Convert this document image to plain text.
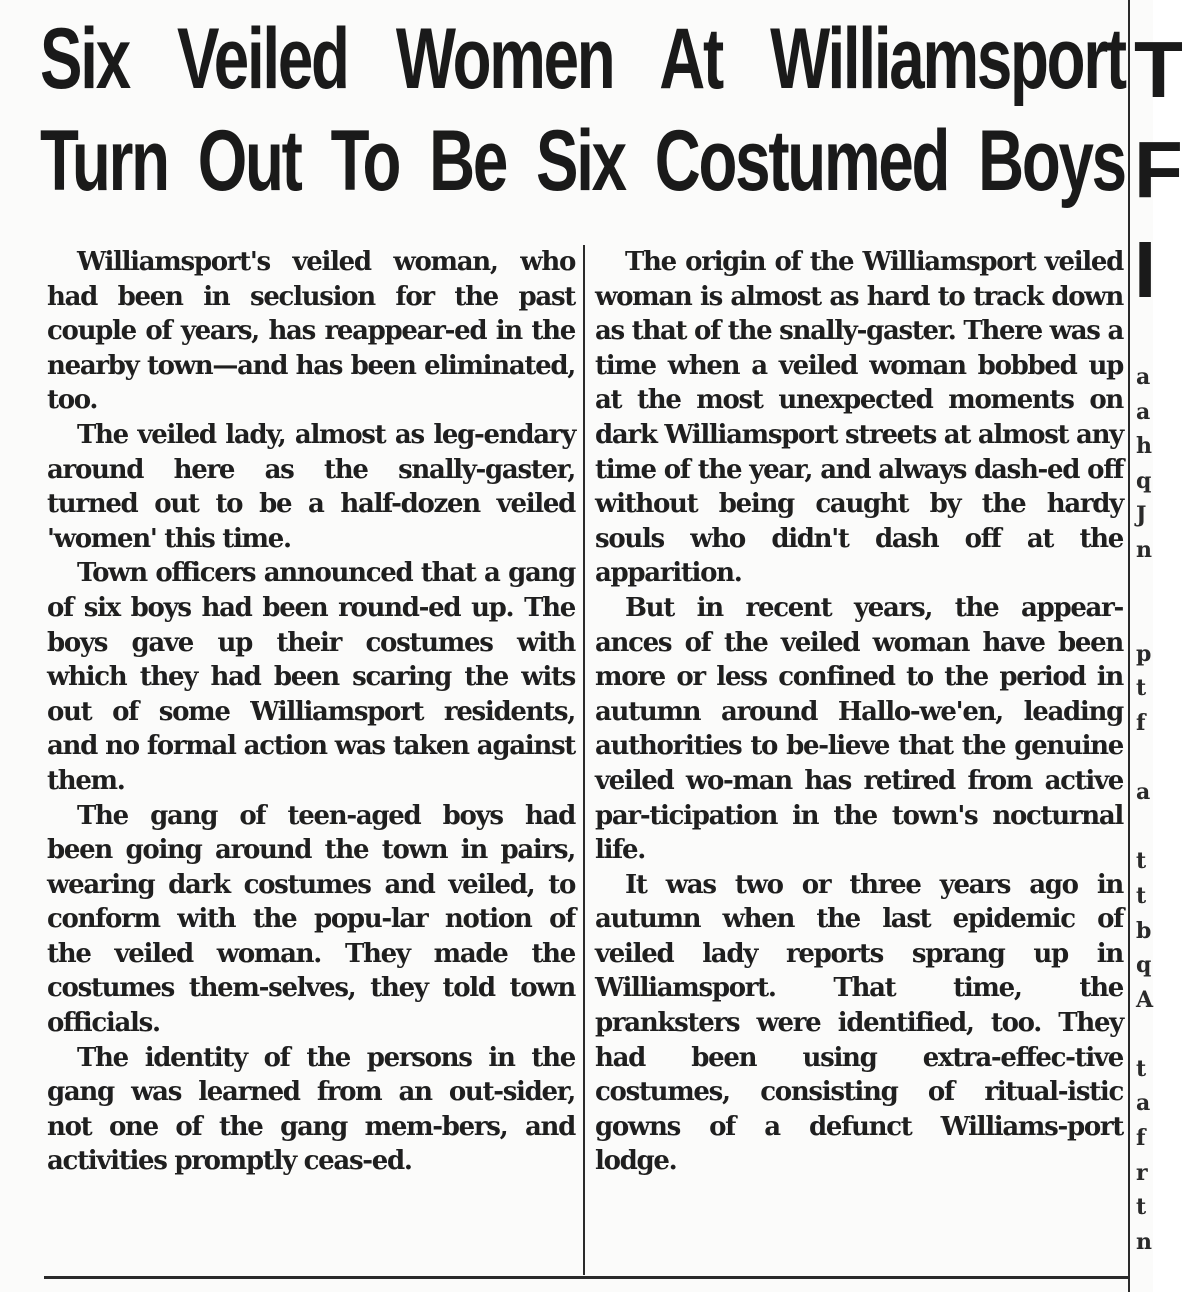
Six Veiled Women At Williamsport
Turn Out To Be Six Costumed Boys

Williamsport's veiled woman, who had been in seclusion for the past couple of years, has reappear-ed in the nearby town—and has been eliminated, too.

The veiled lady, almost as leg-endary around here as the snally-gaster, turned out to be a half-dozen veiled 'women' this time.

Town officers announced that a gang of six boys had been round-ed up. The boys gave up their costumes with which they had been scaring the wits out of some Williamsport residents, and no formal action was taken against them.

The gang of teen-aged boys had been going around the town in pairs, wearing dark costumes and veiled, to conform with the popu-lar notion of the veiled woman. They made the costumes them-selves, they told town officials.

The identity of the persons in the gang was learned from an out-sider, not one of the gang mem-bers, and activities promptly ceas-ed.

The origin of the Williamsport veiled woman is almost as hard to track down as that of the snally-gaster. There was a time when a veiled woman bobbed up at the most unexpected moments on dark Williamsport streets at almost any time of the year, and always dash-ed off without being caught by the hardy souls who didn't dash off at the apparition.

But in recent years, the appear-ances of the veiled woman have been more or less confined to the period in autumn around Hallo-we'en, leading authorities to be-lieve that the genuine veiled wo-man has retired from active par-ticipation in the town's nocturnal life.

It was two or three years ago in autumn when the last epidemic of veiled lady reports sprang up in Williamsport. That time, the pranksters were identified, too. They had been using extra-effec-tive costumes, consisting of ritual-istic gowns of a defunct Williams-port lodge.

T
F
I
a
a
h
q
J
n

p
t
f

a

t
t
b
q
A

t
a
f
r
t
n
